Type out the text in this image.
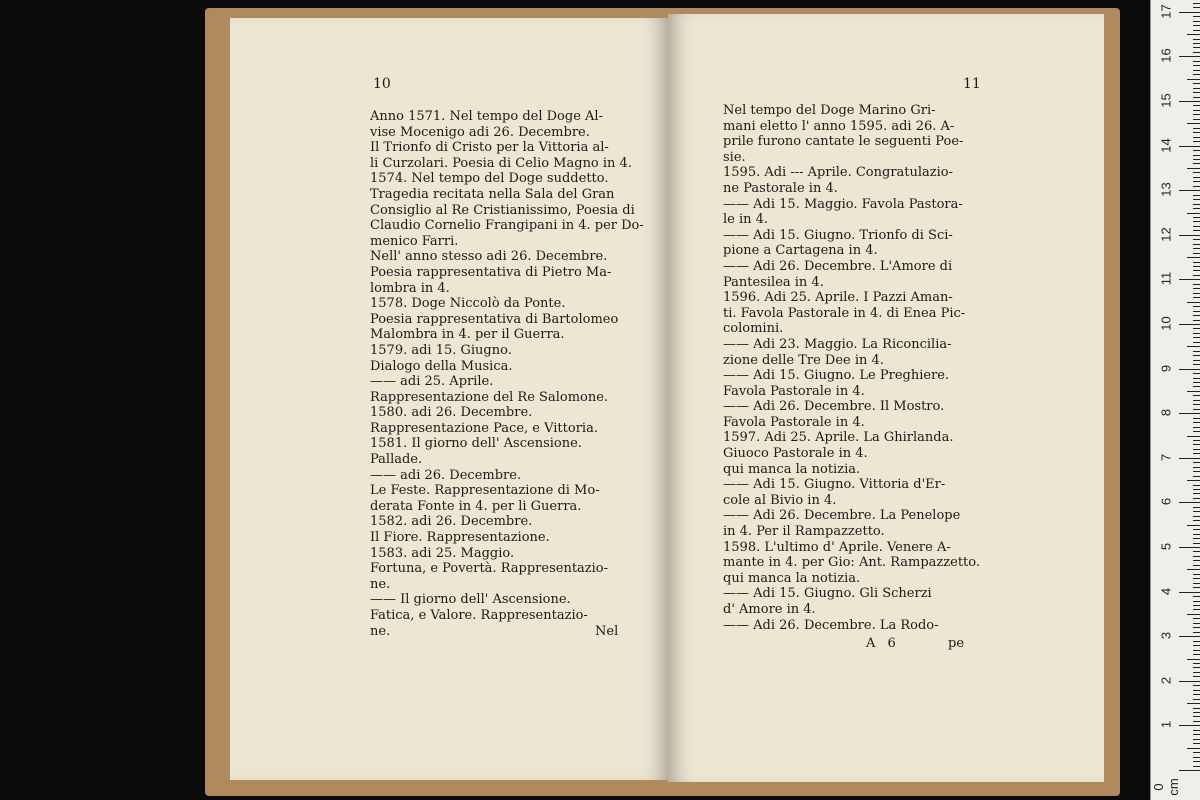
10
Anno 1571. Nel tempo del Doge Al-
vise Mocenigo adi 26. Decembre.
Il Trionfo di Cristo per la Vittoria al-
li Curzolari. Poesia di Celio Magno in 4.
1574. Nel tempo del Doge suddetto.
Tragedia recitata nella Sala del Gran
Consiglio al Re Cristianissimo, Poesia di
Claudio Cornelio Frangipani in 4. per Do-
menico Farri.
Nell' anno stesso adi 26. Decembre.
Poesia rappresentativa di Pietro Ma-
lombra in 4.
1578. Doge Niccolò da Ponte.
Poesia rappresentativa di Bartolomeo
Malombra in 4. per il Guerra.
1579. adi 15. Giugno.
Dialogo della Musica.
—— adi 25. Aprile.
Rappresentazione del Re Salomone.
1580. adi 26. Decembre.
Rappresentazione Pace, e Vittoria.
1581. Il giorno dell' Ascensione.
Pallade.
—— adi 26. Decembre.
Le Feste. Rappresentazione di Mo-
derata Fonte in 4. per li Guerra.
1582. adi 26. Decembre.
Il Fiore. Rappresentazione.
1583. adi 25. Maggio.
Fortuna, e Povertà. Rappresentazio-
ne.
—— Il giorno dell' Ascensione.
Fatica, e Valore. Rappresentazio-
ne.	Nel
11
Nel tempo del Doge Marino Gri-
mani eletto l' anno 1595. adi 26. A-
prile furono cantate le seguenti Poe-
sie.
1595. Adi --- Aprile. Congratulazio-
ne Pastorale in 4.
—— Adi 15. Maggio. Favola Pastora-
le in 4.
—— Adi 15. Giugno. Trionfo di Sci-
pione a Cartagena in 4.
—— Adi 26. Decembre. L'Amore di
Pantesilea in 4.
1596. Adi 25. Aprile. I Pazzi Aman-
ti. Favola Pastorale in 4. di Enea Pic-
colomini.
—— Adi 23. Maggio. La Riconcilia-
zione delle Tre Dee in 4.
—— Adi 15. Giugno. Le Preghiere.
Favola Pastorale in 4.
—— Adi 26. Decembre. Il Mostro.
Favola Pastorale in 4.
1597. Adi 25. Aprile. La Ghirlanda.
Giuoco Pastorale in 4.
qui manca la notizia.
—— Adi 15. Giugno. Vittoria d'Er-
cole al Bivio in 4.
—— Adi 26. Decembre. La Penelope
in 4. Per il Rampazzetto.
1598. L'ultimo d' Aprile. Venere A-
mante in 4. per Gio: Ant. Rampazzetto.
qui manca la notizia.
—— Adi 15. Giugno. Gli Scherzi
d' Amore in 4.
—— Adi 26. Decembre. La Rodo-
A 6	pe
0 cm
1
2
3
4
5
6
7
8
9
10
11
12
13
14
15
16
17
